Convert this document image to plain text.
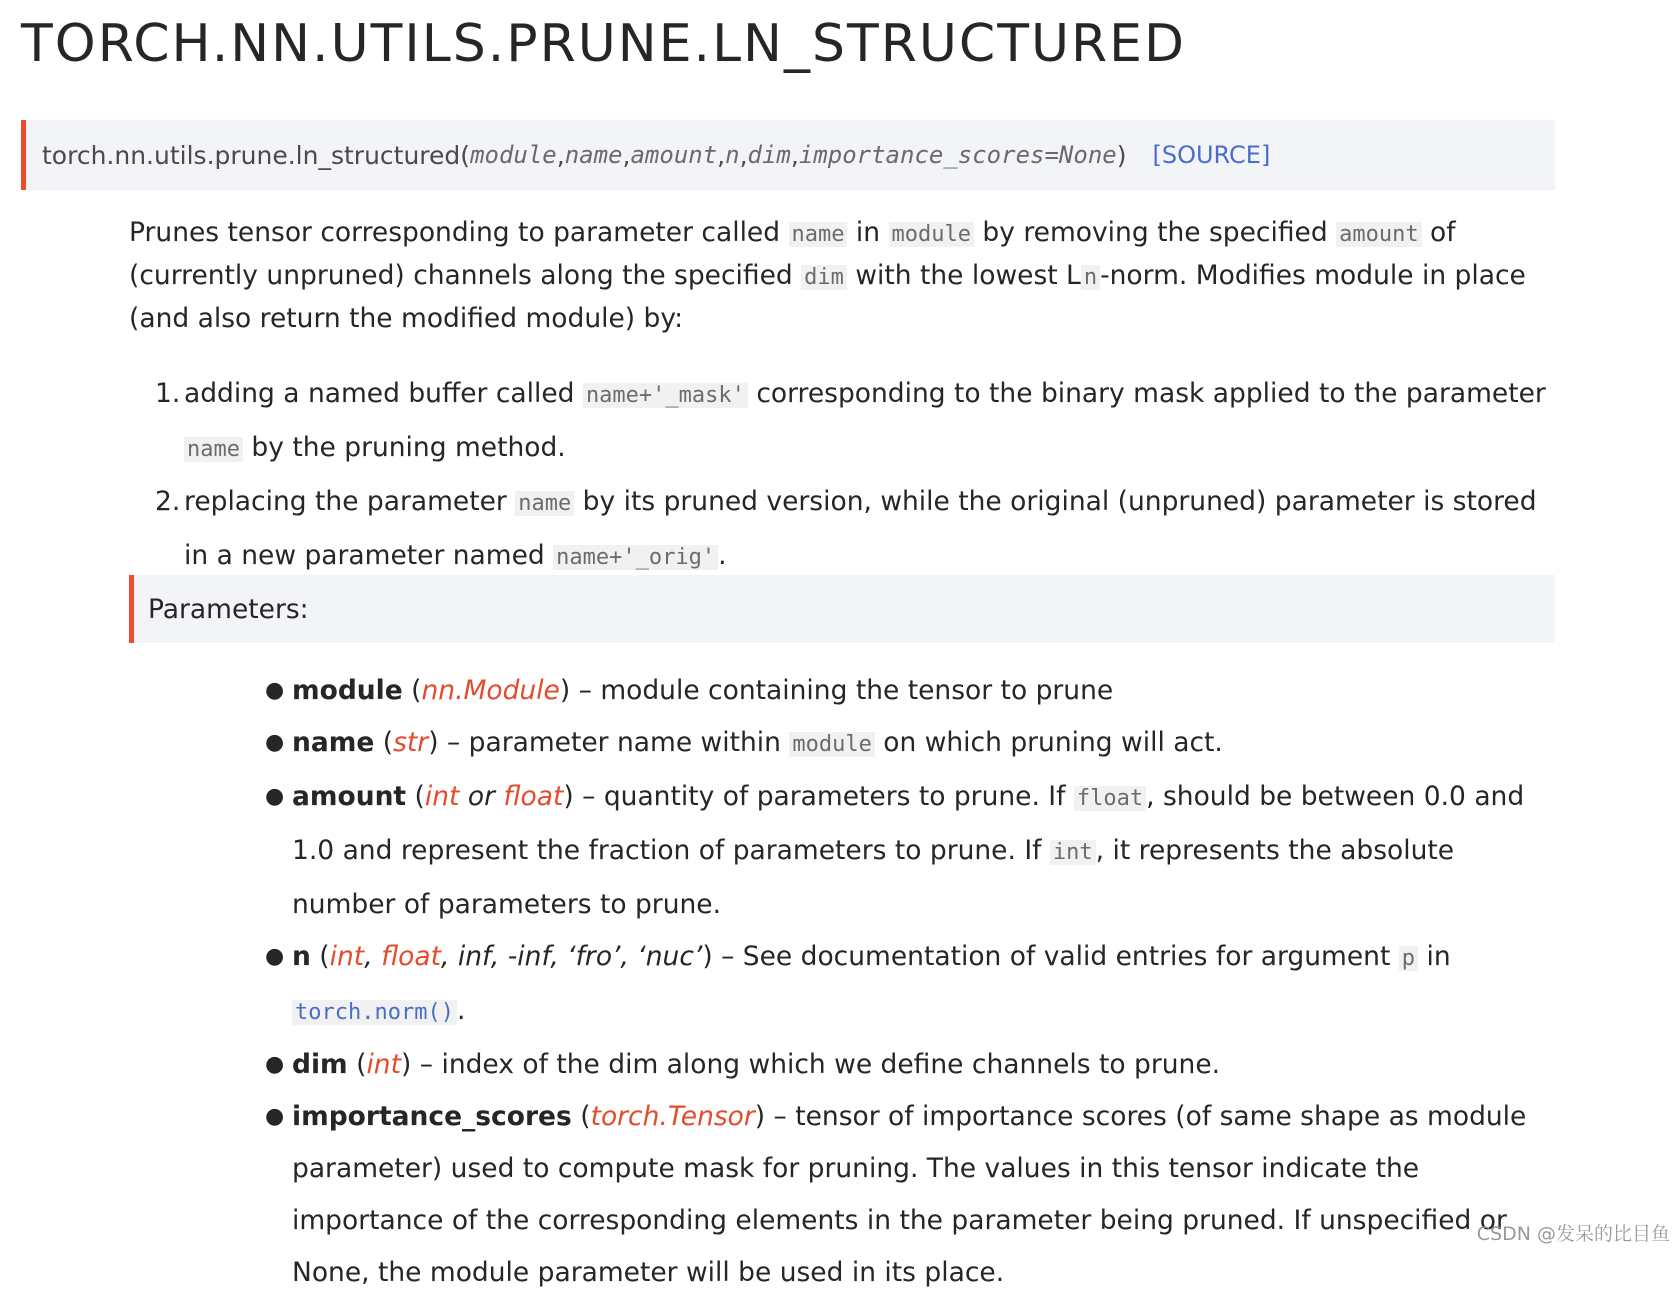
TORCH.NN.UTILS.PRUNE.LN_STRUCTURED
torch.nn.utils.prune.ln_structured ( module , name , amount , n , dim , importance_scores=None ) [SOURCE]
Prunes tensor corresponding to parameter called name in module by removing the specified amount of (currently unpruned) channels along the specified dim with the lowest L n -norm. Modifies module in place (and also return the modified module) by:
1. adding a named buffer called name+'_mask' corresponding to the binary mask applied to the parameter name by the pruning method.
2. replacing the parameter name by its pruned version, while the original (unpruned) parameter is stored in a new parameter named name+'_orig' .
Parameters:
● module (nn.Module) – module containing the tensor to prune
● name (str) – parameter name within module on which pruning will act.
● amount (int or float) – quantity of parameters to prune. If float , should be between 0.0 and 1.0 and represent the fraction of parameters to prune. If int , it represents the absolute number of parameters to prune.
● n (int, float, inf, -inf, ‘fro’, ‘nuc’) – See documentation of valid entries for argument p in torch.norm() .
● dim (int) – index of the dim along which we define channels to prune.
● importance_scores (torch.Tensor) – tensor of importance scores (of same shape as module parameter) used to compute mask for pruning. The values in this tensor indicate the importance of the corresponding elements in the parameter being pruned. If unspecified or None, the module parameter will be used in its place.
CSDN @发呆的比目鱼
